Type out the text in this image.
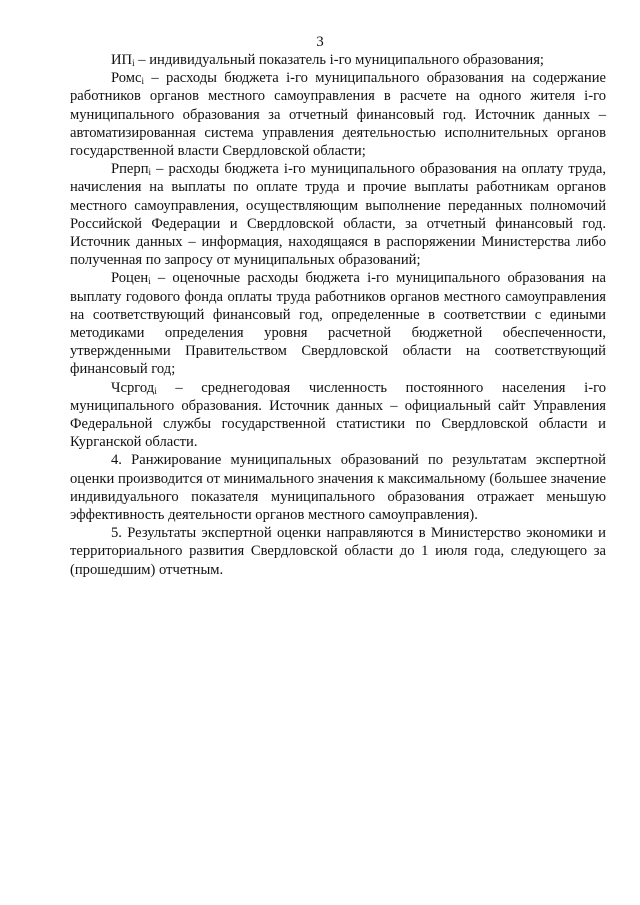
3

$ИП_i$ – индивидуальный показатель i-го муниципального образования;

Ромс$_i$ – расходы бюджета i-го муниципального образования на содержание работников органов местного самоуправления в расчете на одного жителя i-го муниципального образования за отчетный финансовый год. Источник данных – автоматизированная система управления деятельностью исполнительных органов государственной власти Свердловской области;

Рперп$_i$ – расходы бюджета i-го муниципального образования на оплату труда, начисления на выплаты по оплате труда и прочие выплаты работникам органов местного самоуправления, осуществляющим выполнение переданных полномочий Российской Федерации и Свердловской области, за отчетный финансовый год. Источник данных – информация, находящаяся в распоряжении Министерства либо полученная по запросу от муниципальных образований;

Роцен$_i$ – оценочные расходы бюджета i-го муниципального образования на выплату годового фонда оплаты труда работников органов местного самоуправления на соответствующий финансовый год, определенные в соответствии с едиными методиками определения уровня расчетной бюджетной обеспеченности, утвержденными Правительством Свердловской области на соответствующий финансовый год;

Чсргод$_i$ – среднегодовая численность постоянного населения i-го муниципального образования. Источник данных – официальный сайт Управления Федеральной службы государственной статистики по Свердловской области и Курганской области.

4. Ранжирование муниципальных образований по результатам экспертной оценки производится от минимального значения к максимальному (большее значение индивидуального показателя муниципального образования отражает меньшую эффективность деятельности органов местного самоуправления).

5. Результаты экспертной оценки направляются в Министерство экономики и территориального развития Свердловской области до 1 июля года, следующего за (прошедшим) отчетным.
